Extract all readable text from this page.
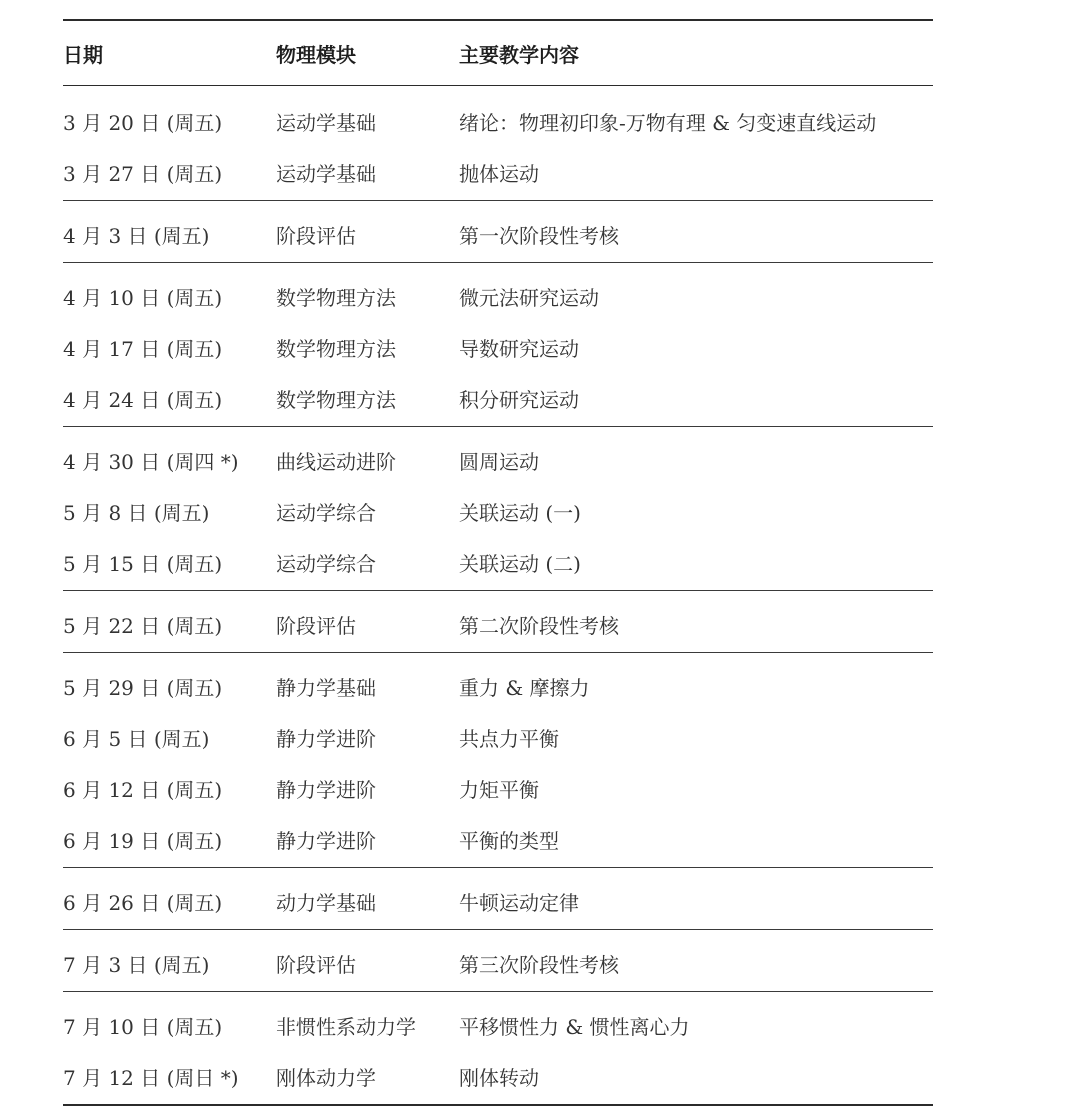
日期	物理模块	主要教学内容
3 月 20 日 (周五)	运动学基础	绪论：物理初印象-万物有理 & 匀变速直线运动
3 月 27 日 (周五)	运动学基础	抛体运动
4 月 3 日 (周五)	阶段评估	第一次阶段性考核
4 月 10 日 (周五)	数学物理方法	微元法研究运动
4 月 17 日 (周五)	数学物理方法	导数研究运动
4 月 24 日 (周五)	数学物理方法	积分研究运动
4 月 30 日 (周四 *)	曲线运动进阶	圆周运动
5 月 8 日 (周五)	运动学综合	关联运动 (一)
5 月 15 日 (周五)	运动学综合	关联运动 (二)
5 月 22 日 (周五)	阶段评估	第二次阶段性考核
5 月 29 日 (周五)	静力学基础	重力 & 摩擦力
6 月 5 日 (周五)	静力学进阶	共点力平衡
6 月 12 日 (周五)	静力学进阶	力矩平衡
6 月 19 日 (周五)	静力学进阶	平衡的类型
6 月 26 日 (周五)	动力学基础	牛顿运动定律
7 月 3 日 (周五)	阶段评估	第三次阶段性考核
7 月 10 日 (周五)	非惯性系动力学	平移惯性力 & 惯性离心力
7 月 12 日 (周日 *)	刚体动力学	刚体转动
